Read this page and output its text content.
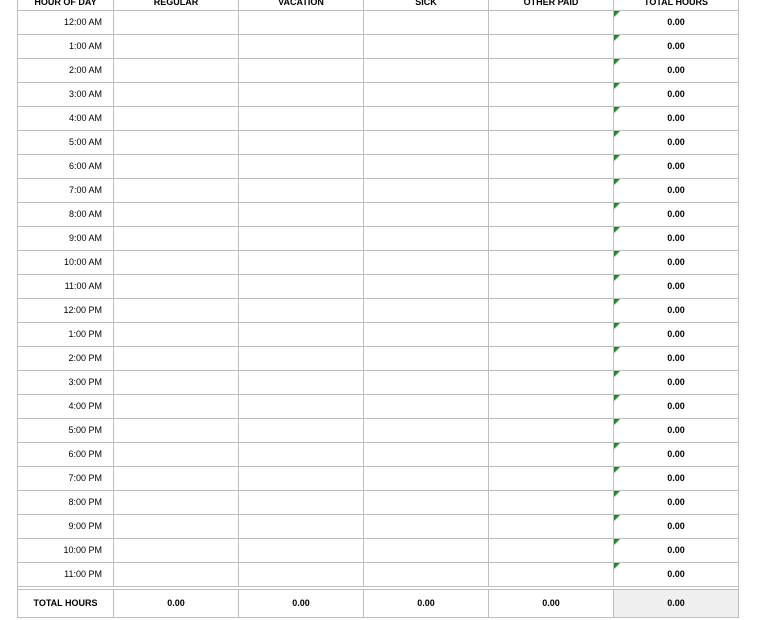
HOUR OF DAY	REGULAR	VACATION	SICK	OTHER PAID	TOTAL HOURS
12:00 AM					0.00
1:00 AM					0.00
2:00 AM					0.00
3:00 AM					0.00
4:00 AM					0.00
5:00 AM					0.00
6:00 AM					0.00
7:00 AM					0.00
8:00 AM					0.00
9:00 AM					0.00
10:00 AM					0.00
11:00 AM					0.00
12:00 PM					0.00
1:00 PM					0.00
2:00 PM					0.00
3:00 PM					0.00
4:00 PM					0.00
5:00 PM					0.00
6:00 PM					0.00
7:00 PM					0.00
8:00 PM					0.00
9:00 PM					0.00
10:00 PM					0.00
11:00 PM					0.00

TOTAL HOURS	0.00	0.00	0.00	0.00	0.00
